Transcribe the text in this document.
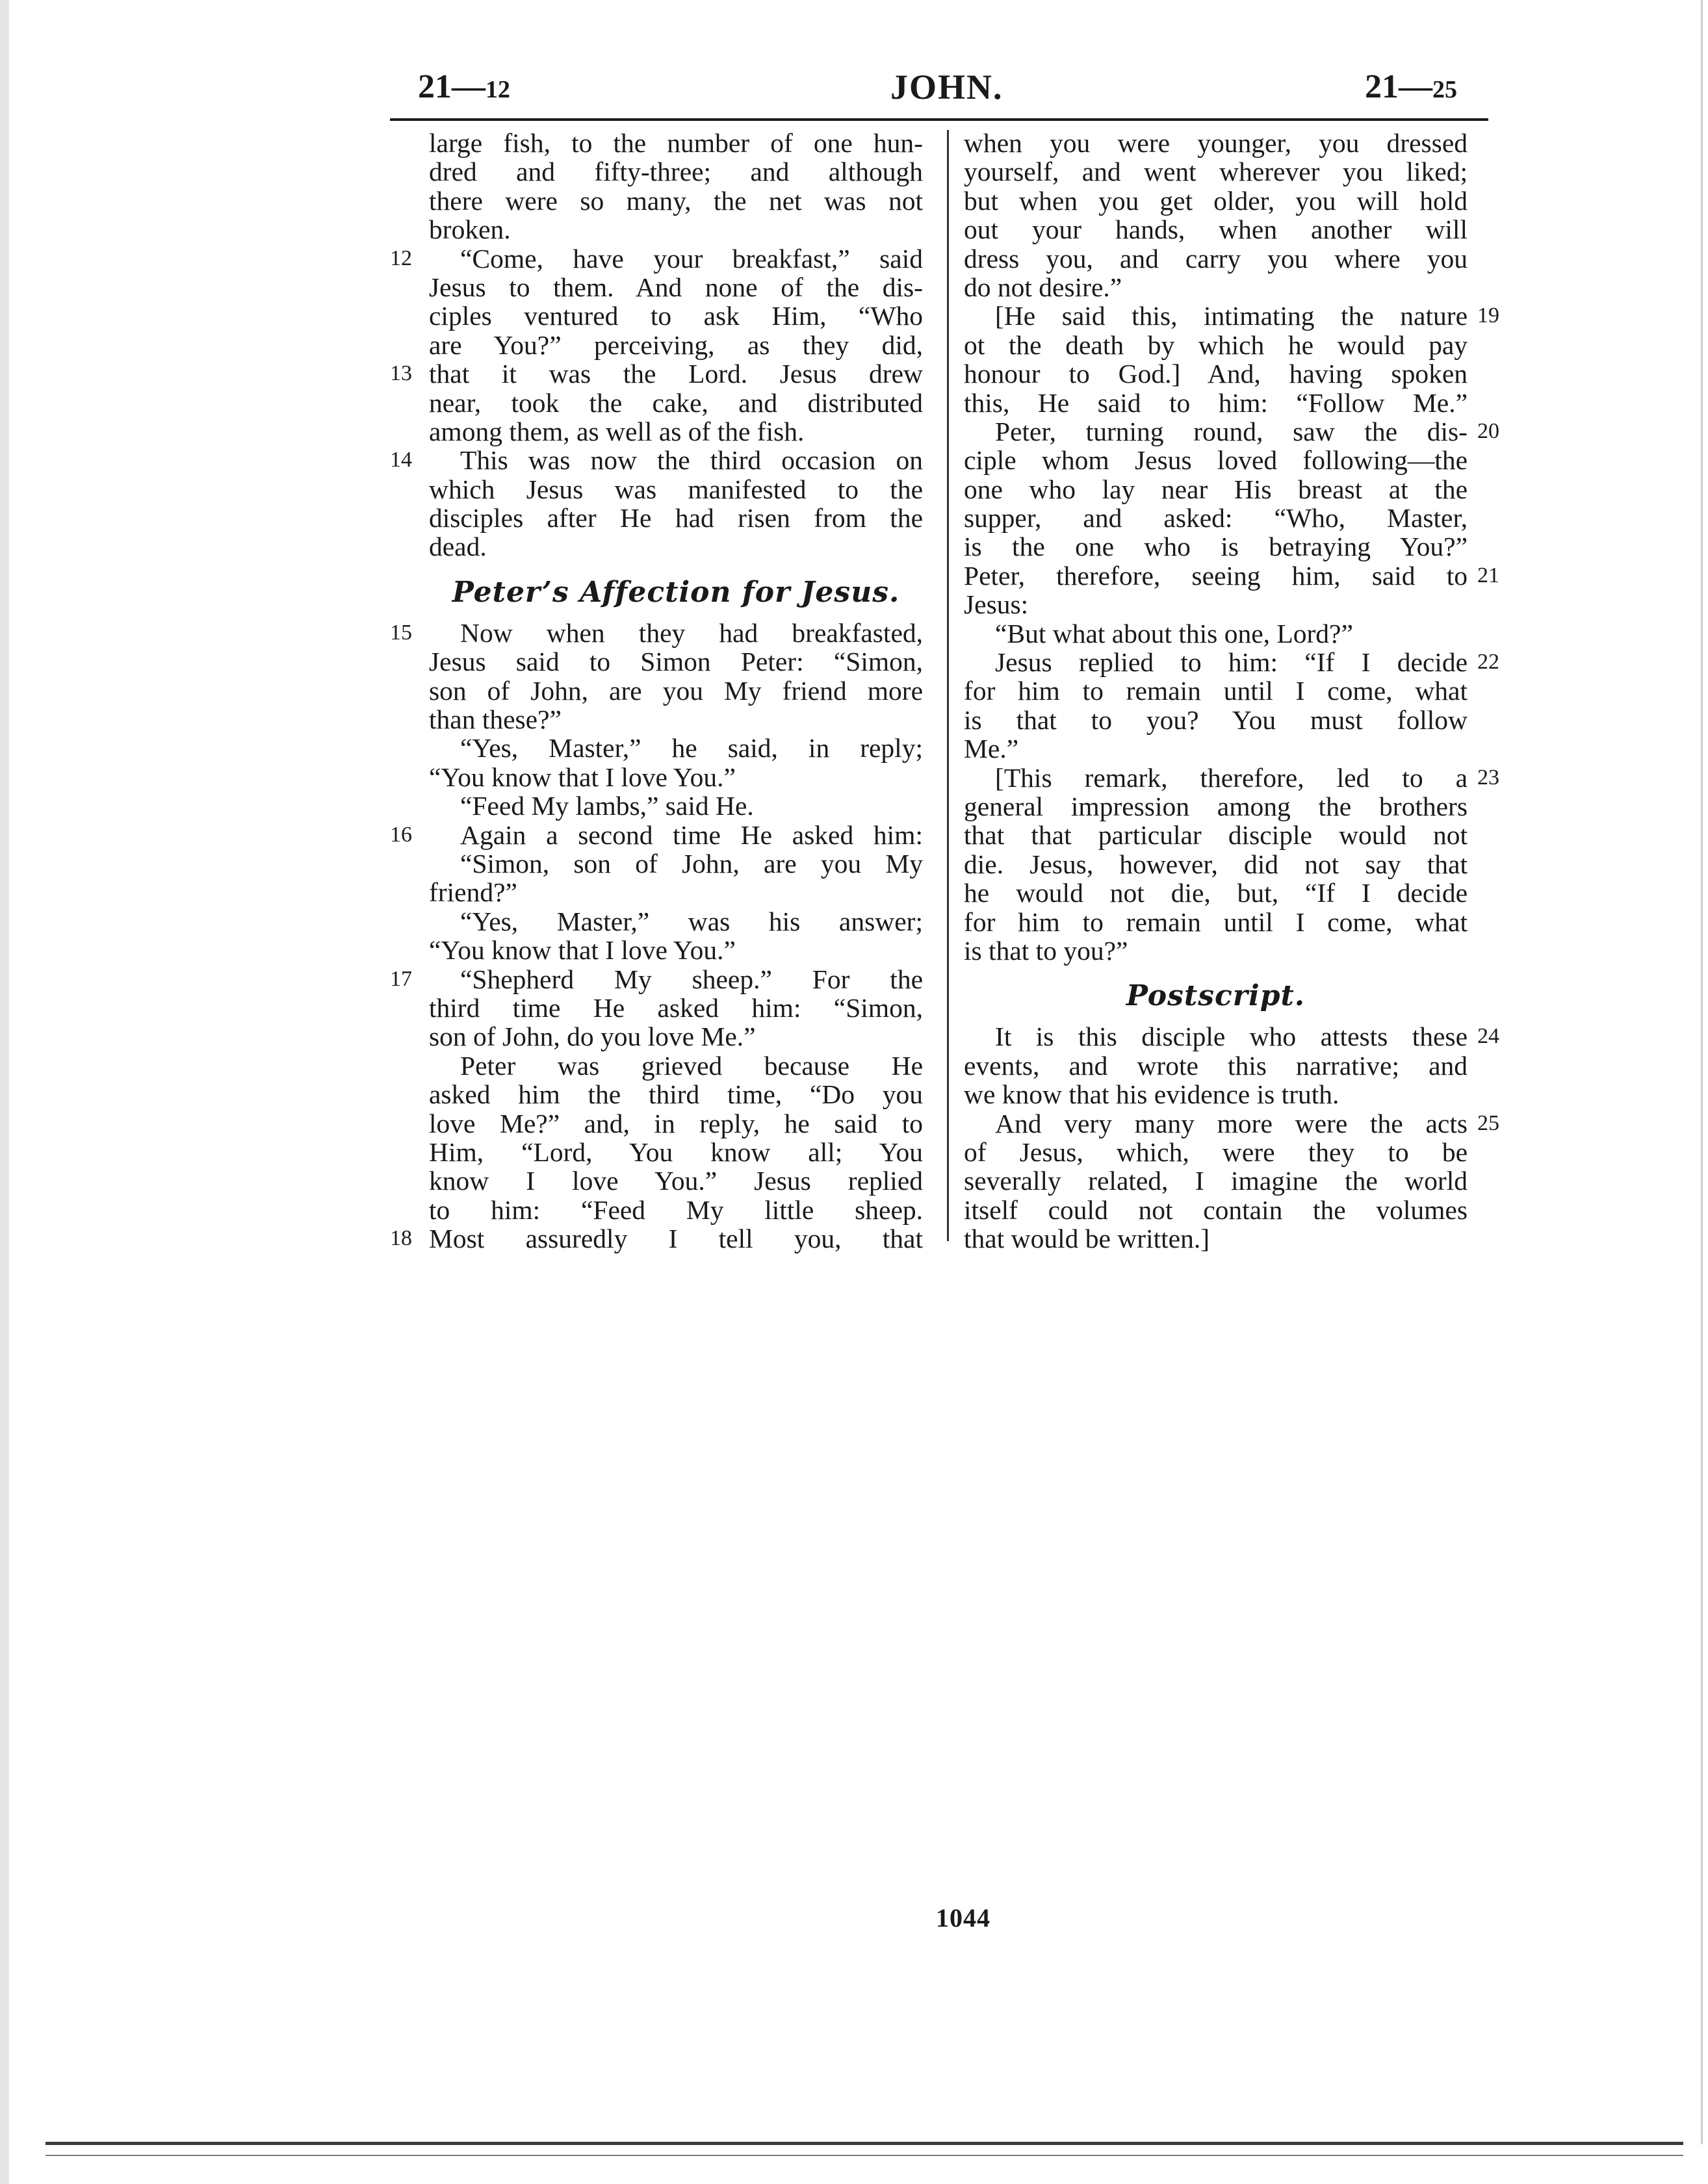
21—12	JOHN.	21—25
large fish, to the number of one hun-
dred and fifty-three; and although
there were so many, the net was not
broken.
“Come, have your breakfast,” said
12
Jesus to them. And none of the dis-
ciples ventured to ask Him, “Who
are You?” perceiving, as they did,
that it was the Lord. Jesus drew
13
near, took the cake, and distributed
among them, as well as of the fish.
This was now the third occasion on
14
which Jesus was manifested to the
disciples after He had risen from the
dead.
Peter’s Affection for Jesus.
Now when they had breakfasted,
15
Jesus said to Simon Peter: “Simon,
son of John, are you My friend more
than these?”
“Yes, Master,” he said, in reply;
“You know that I love You.”
“Feed My lambs,” said He.
Again a second time He asked him:
16
“Simon, son of John, are you My
friend?”
“Yes, Master,” was his answer;
“You know that I love You.”
“Shepherd My sheep.” For the
17
third time He asked him: “Simon,
son of John, do you love Me.”
Peter was grieved because He
asked him the third time, “Do you
love Me?” and, in reply, he said to
Him, “Lord, You know all; You
know I love You.” Jesus replied
to him: “Feed My little sheep.
Most assuredly I tell you, that
18
when you were younger, you dressed
yourself, and went wherever you liked;
but when you get older, you will hold
out your hands, when another will
dress you, and carry you where you
do not desire.”
[He said this, intimating the nature 19
ot the death by which he would pay
honour to God.] And, having spoken
this, He said to him: “Follow Me.”
Peter, turning round, saw the dis- 20
ciple whom Jesus loved following—the
one who lay near His breast at the
supper, and asked: “Who, Master,
is the one who is betraying You?”
Peter, therefore, seeing him, said to 21
Jesus:
“But what about this one, Lord?”
Jesus replied to him: “If I decide 22
for him to remain until I come, what
is that to you? You must follow
Me.”
[This remark, therefore, led to a 23
general impression among the brothers
that that particular disciple would not
die. Jesus, however, did not say that
he would not die, but, “If I decide
for him to remain until I come, what
is that to you?”
Postscript.
It is this disciple who attests these 24
events, and wrote this narrative; and
we know that his evidence is truth.
And very many more were the acts 25
of Jesus, which, were they to be
severally related, I imagine the world
itself could not contain the volumes
that would be written.]
1044
